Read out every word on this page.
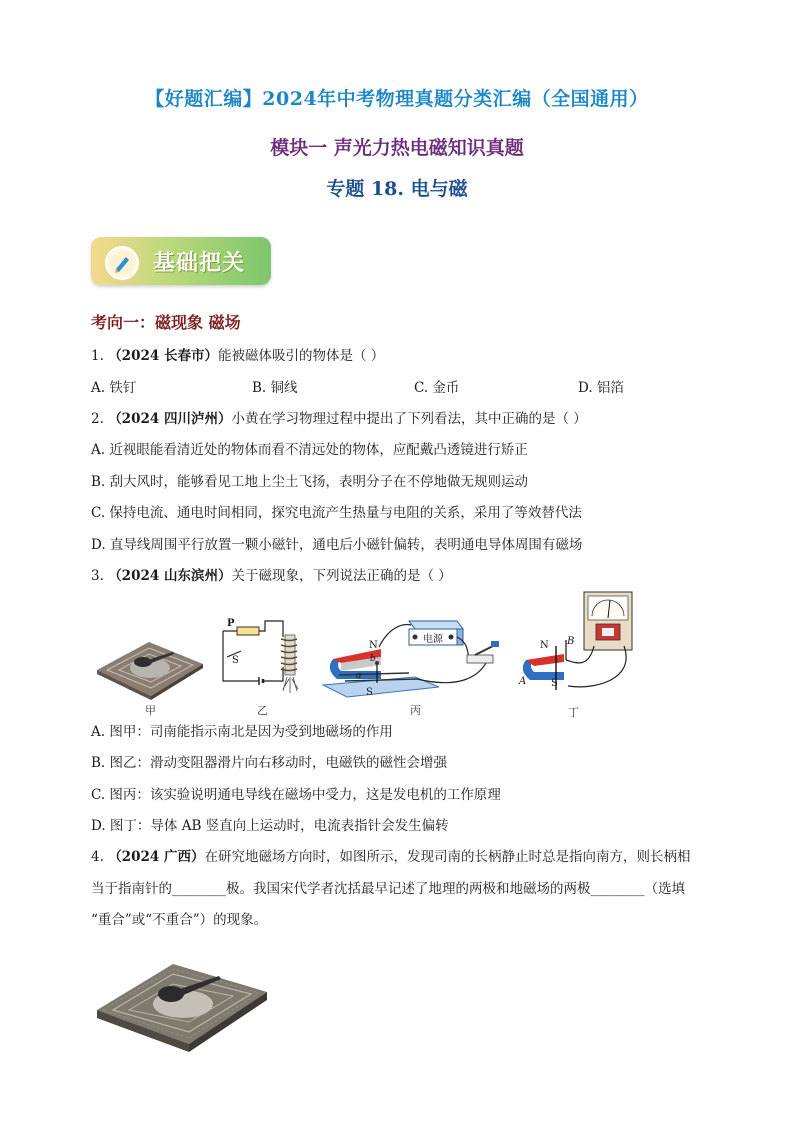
【好题汇编】2024年中考物理真题分类汇编（全国通用）
模块一 声光力热电磁知识真题
专题 18. 电与磁
基础把关
考向一：磁现象 磁场
1. （2024 长春市）能被磁体吸引的物体是（ ）
A. 铁钉	B. 铜线	C. 金币	D. 铝箔
2. （2024 四川泸州）小黄在学习物理过程中提出了下列看法，其中正确的是（ ）
A. 近视眼能看清近处的物体而看不清远处的物体，应配戴凸透镜进行矫正
B. 刮大风时，能够看见工地上尘土飞扬，表明分子在不停地做无规则运动
C. 保持电流、通电时间相同，探究电流产生热量与电阻的关系，采用了等效替代法
D. 直导线周围平行放置一颗小磁针，通电后小磁针偏转，表明通电导体周围有磁场
3. （2024 山东滨州）关于磁现象，下列说法正确的是（ ）
甲
P
S
乙
N
S
电源
a
b
丙
N
S
A
B
丁
A. 图甲：司南能指示南北是因为受到地磁场的作用
B. 图乙：滑动变阻器滑片向右移动时，电磁铁的磁性会增强
C. 图丙：该实验说明通电导线在磁场中受力，这是发电机的工作原理
D. 图丁：导体 AB 竖直向上运动时，电流表指针会发生偏转
4. （2024 广西）在研究地磁场方向时，如图所示，发现司南的长柄静止时总是指向南方，则长柄相
当于指南针的________极。我国宋代学者沈括最早记述了地理的两极和地磁场的两极________（选填
“重合”或“不重合”）的现象。
